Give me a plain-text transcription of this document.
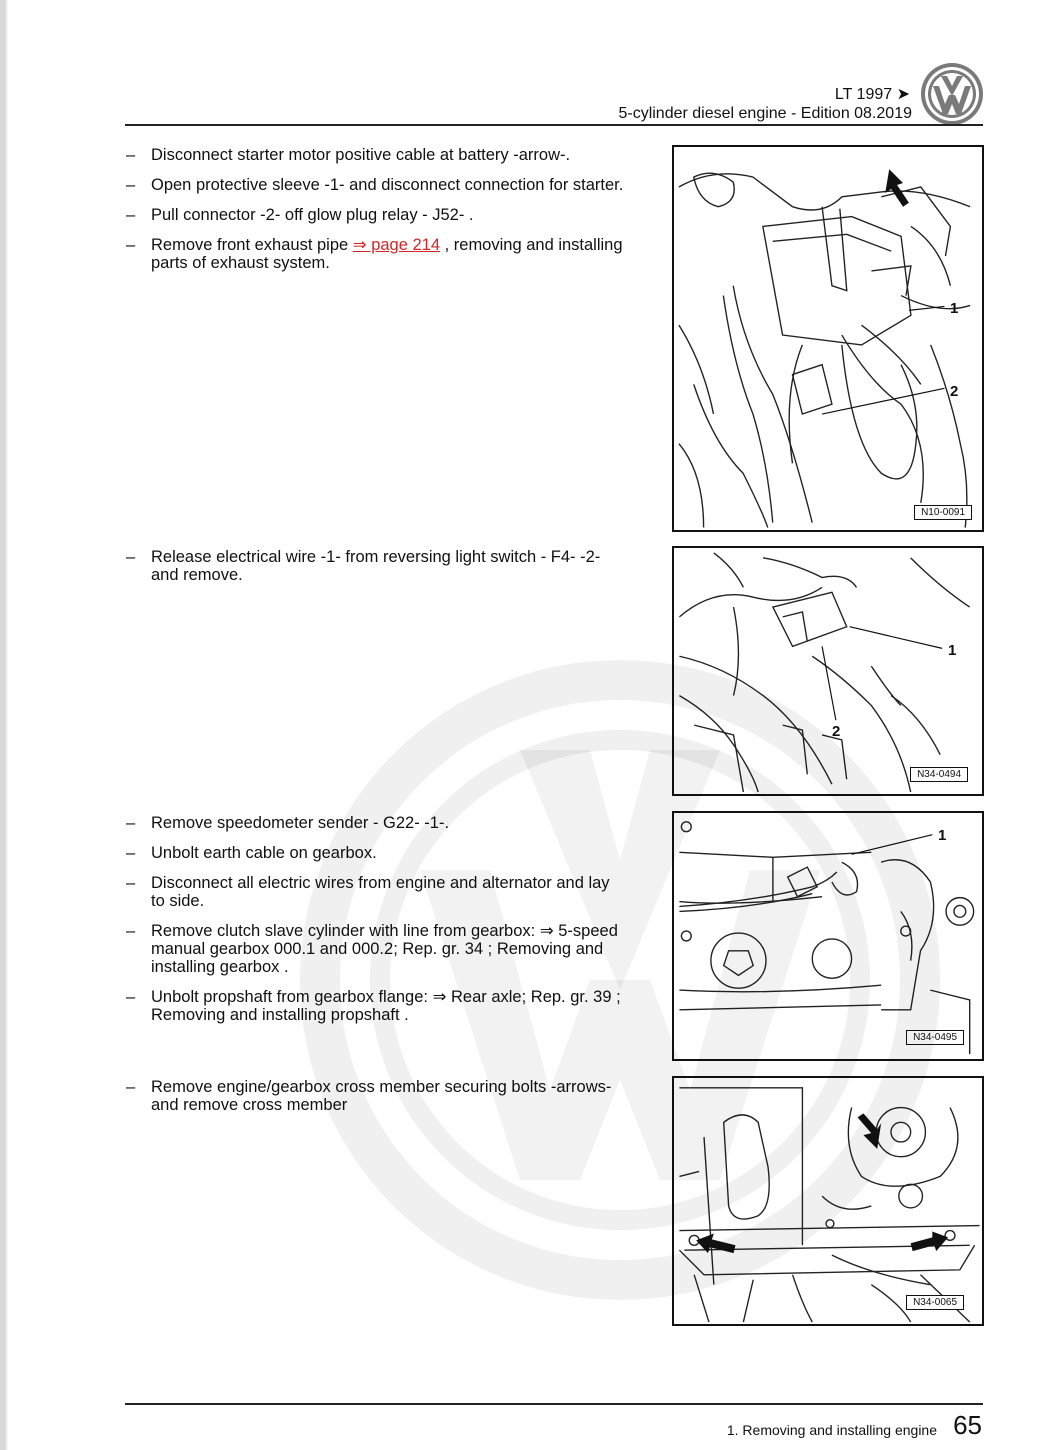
LT 1997 ➤
5-cylinder diesel engine - Edition 08.2019
– Disconnect starter motor positive cable at battery -arrow-.
– Open protective sleeve -1- and disconnect connection for starter.
– Pull connector -2- off glow plug relay - J52- .
– Remove front exhaust pipe ⇒ page 214 , removing and installing parts of exhaust system.
1
2
N10-0091
– Release electrical wire -1- from reversing light switch - F4- -2- and remove.
1
2
N34-0494
– Remove speedometer sender - G22- -1-.
– Unbolt earth cable on gearbox.
– Disconnect all electric wires from engine and alternator and lay to side.
– Remove clutch slave cylinder with line from gearbox: ⇒ 5-speed manual gearbox 000.1 and 000.2; Rep. gr. 34 ; Removing and installing gearbox .
– Unbolt propshaft from gearbox flange: ⇒ Rear axle; Rep. gr. 39 ; Removing and installing propshaft .
1
N34-0495
– Remove engine/gearbox cross member securing bolts -arrows- and remove cross member
N34-0065
1. Removing and installing engine 65
